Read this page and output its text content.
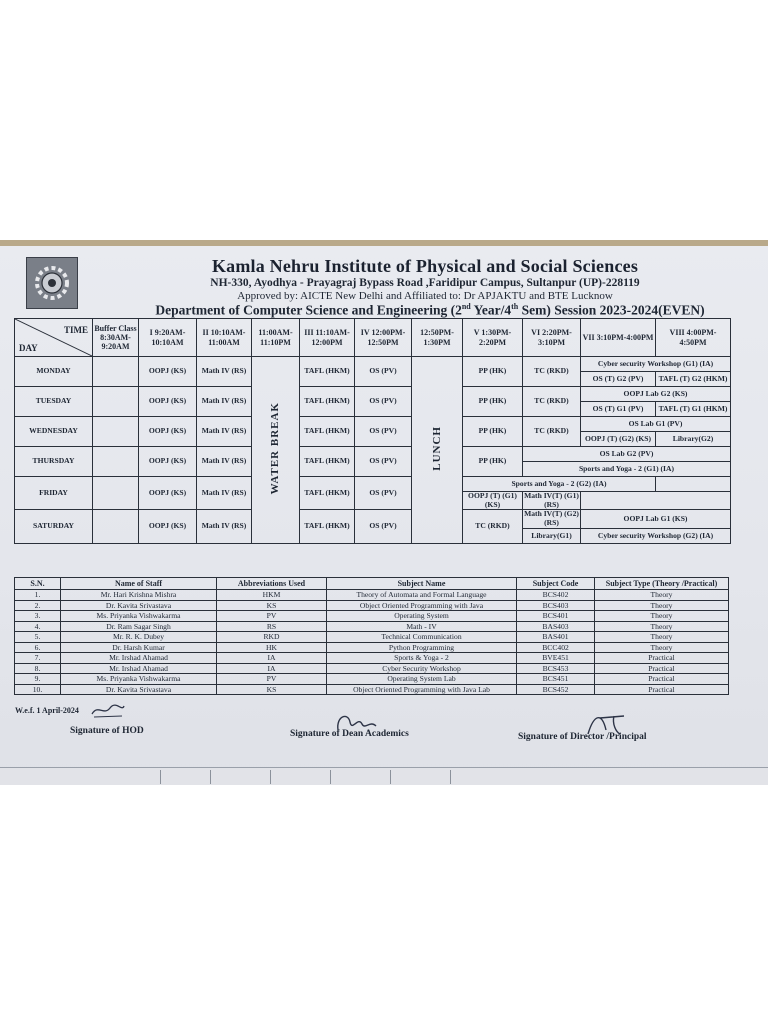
Kamla Nehru Institute of Physical and Social Sciences
NH-330, Ayodhya - Prayagraj Bypass Road ,Faridipur Campus, Sultanpur (UP)-228119
Approved by: AICTE New Delhi and Affiliated to: Dr APJAKTU and BTE Lucknow
Department of Computer Science and Engineering (2nd Year/4th Sem) Session 2023-2024(EVEN)
TIME
DAY	Buffer Class 8:30AM-9:20AM	I 9:20AM-10:10AM	II 10:10AM-11:00AM	11:00AM-11:10PM	III 11:10AM-12:00PM	IV 12:00PM-12:50PM	12:50PM-1:30PM	V 1:30PM-2:20PM	VI 2:20PM-3:10PM	VII 3:10PM-4:00PM	VIII 4:00PM-4:50PM
MONDAY		OOPJ (KS)	Math IV (RS)	WATER BREAK	TAFL (HKM)	OS (PV)	LUNCH	PP (HK)	TC (RKD)	Cyber security Workshop (G1) (IA)	
										OS (T) G2 (PV)	TAFL (T) G2 (HKM)
TUESDAY		OOPJ (KS)	Math IV (RS)		TAFL (HKM)	OS (PV)		PP (HK)	TC (RKD)	OOPJ Lab G2 (KS)	
										OS (T) G1 (PV)	TAFL (T) G1 (HKM)
WEDNESDAY		OOPJ (KS)	Math IV (RS)		TAFL (HKM)	OS (PV)		PP (HK)	TC (RKD)	OS Lab G1 (PV)	
										OOPJ (T) (G2) (KS)	Library(G2)
THURSDAY		OOPJ (KS)	Math IV (RS)		TAFL (HKM)	OS (PV)		PP (HK)	OS Lab G2 (PV)		
									Sports and Yoga - 2 (G1) (IA)		
FRIDAY		OOPJ (KS)	Math IV (RS)		TAFL (HKM)	OS (PV)		Sports and Yoga - 2 (G2) (IA)			
								OOPJ (T) (G1) (KS)	Math IV(T) (G1) (RS)		
SATURDAY		OOPJ (KS)	Math IV (RS)		TAFL (HKM)	OS (PV)		TC (RKD)	Math IV(T) (G2) (RS)	OOPJ Lab G1 (KS)	
									Library(G1)	Cyber security Workshop (G2) (IA)	
S.N.	Name of Staff	Abbreviations Used	Subject Name	Subject Code	Subject Type (Theory /Practical)
1.	Mr. Hari Krishna Mishra	HKM	Theory of Automata and Formal Language	BCS402	Theory
2.	Dr. Kavita Srivastava	KS	Object Oriented Programming with Java	BCS403	Theory
3.	Ms. Priyanka Vishwakarma	PV	Operating System	BCS401	Theory
4.	Dr. Ram Sagar Singh	RS	Math - IV	BAS403	Theory
5.	Mr. R. K. Dubey	RKD	Technical Communication	BAS401	Theory
6.	Dr. Harsh Kumar	HK	Python Programming	BCC402	Theory
7.	Mr. Irshad Ahamad	IA	Sports & Yoga - 2	BVE451	Practical
8.	Mr. Irshad Ahamad	IA	Cyber Security Workshop	BCS453	Practical
9.	Ms. Priyanka Vishwakarma	PV	Operating System Lab	BCS451	Practical
10.	Dr. Kavita Srivastava	KS	Object Oriented Programming with Java Lab	BCS452	Practical
W.e.f. 1 April-2024
Signature of HOD	Signature of Dean Academics	Signature of Director /Principal
